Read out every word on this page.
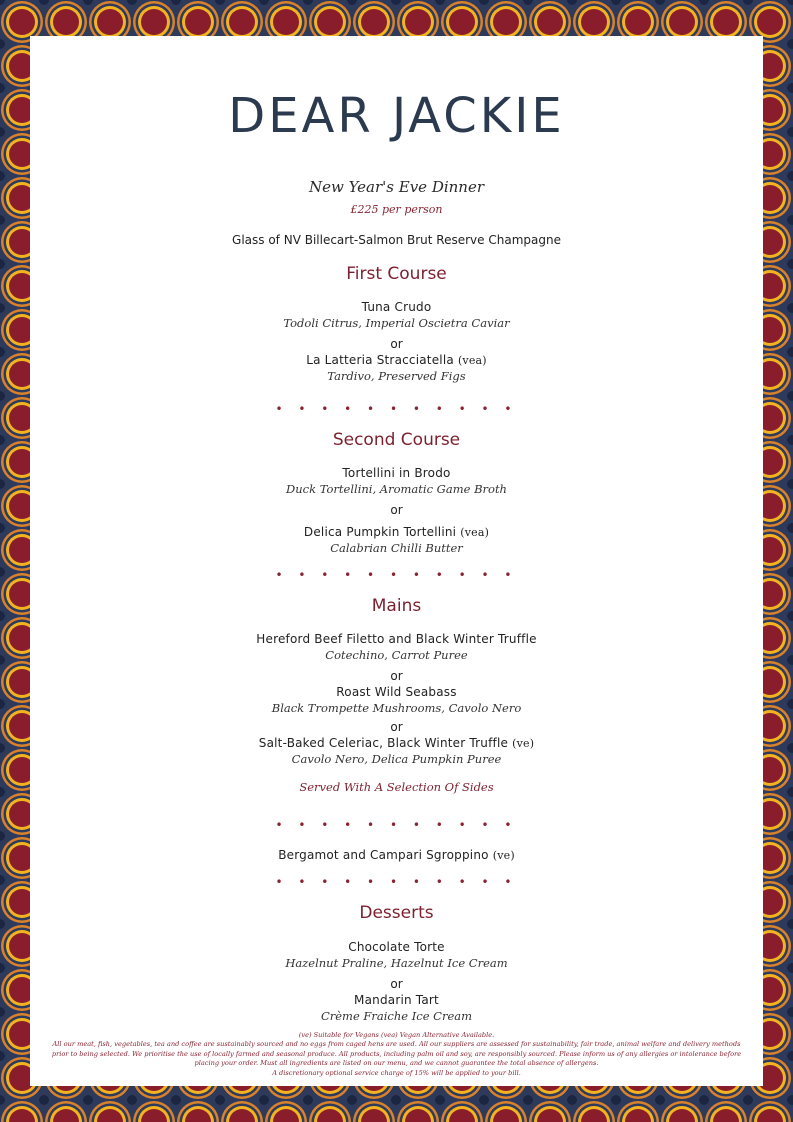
DEAR JACKIE
New Year's Eve Dinner
£225 per person
Glass of NV Billecart-Salmon Brut Reserve Champagne
First Course
Tuna Crudo
Todoli Citrus, Imperial Oscietra Caviar
or
La Latteria Stracciatella (vea)
Tardivo, Preserved Figs
• • • • • • • • • • •
Second Course
Tortellini in Brodo
Duck Tortellini, Aromatic Game Broth
or
Delica Pumpkin Tortellini (vea)
Calabrian Chilli Butter
• • • • • • • • • • •
Mains
Hereford Beef Filetto and Black Winter Truffle
Cotechino, Carrot Puree
or
Roast Wild Seabass
Black Trompette Mushrooms, Cavolo Nero
or
Salt-Baked Celeriac, Black Winter Truffle (ve)
Cavolo Nero, Delica Pumpkin Puree
Served With A Selection Of Sides
• • • • • • • • • • •
Bergamot and Campari Sgroppino (ve)
• • • • • • • • • • •
Desserts
Chocolate Torte
Hazelnut Praline, Hazelnut Ice Cream
or
Mandarin Tart
Crème Fraiche Ice Cream

(ve) Suitable for Vegans (vea) Vegan Alternative Available.

All our meat, fish, vegetables, tea and coffee are sustainably sourced and no eggs from caged hens are used. All our suppliers are assessed for sustainability, fair trade, animal welfare and delivery methods prior to being selected. We prioritise the use of locally farmed and seasonal produce. All products, including palm oil and soy, are responsibly sourced. Please inform us of any allergies or intolerance before placing your order. Must all ingredients are listed on our menu, and we cannot guarantee the total absence of allergens.

A discretionary optional service charge of 15% will be applied to your bill.
